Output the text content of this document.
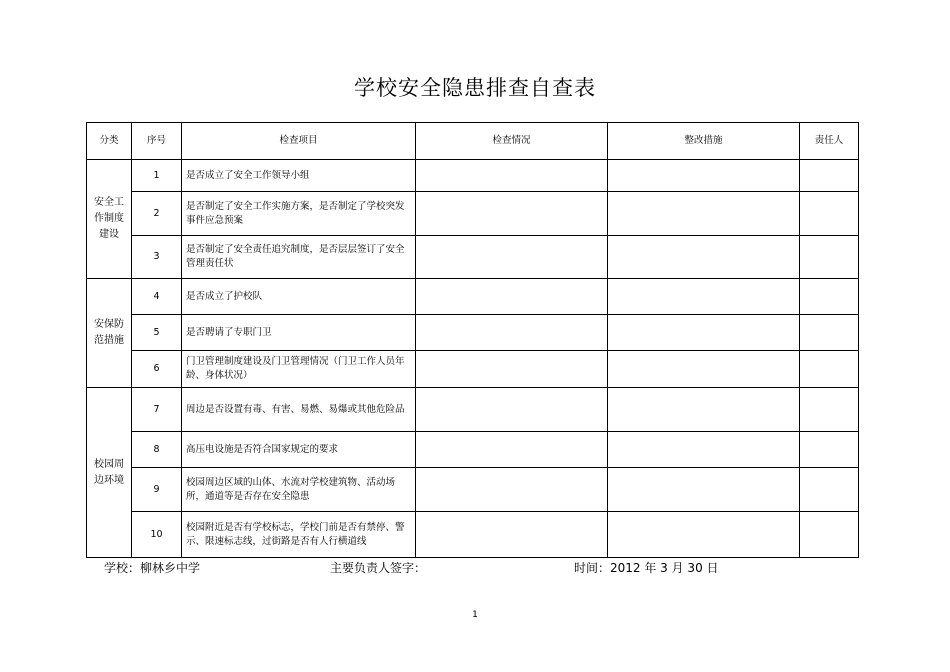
学校安全隐患排查自查表
分类	序号	检查项目	检查情况	整改措施	责任人
安全工作制度建设	1	是否成立了安全工作领导小组			
	2	是否制定了安全工作实施方案，是否制定了学校突发事件应急预案			
	3	是否制定了安全责任追究制度，是否层层签订了安全管理责任状			
安保防范措施	4	是否成立了护校队			
	5	是否聘请了专职门卫			
	6	门卫管理制度建设及门卫管理情况（门卫工作人员年龄、身体状况）			
校园周边环境	7	周边是否设置有毒、有害、易燃、易爆或其他危险品			
	8	高压电设施是否符合国家规定的要求			
	9	校园周边区域的山体、水流对学校建筑物、活动场所，通道等是否存在安全隐患			
	10	校园附近是否有学校标志，学校门前是否有禁停、警示、限速标志线，过街路是否有人行横道线			
学校：柳林乡中学	主要负责人签字：	时间：2012 年 3 月 30 日
1
